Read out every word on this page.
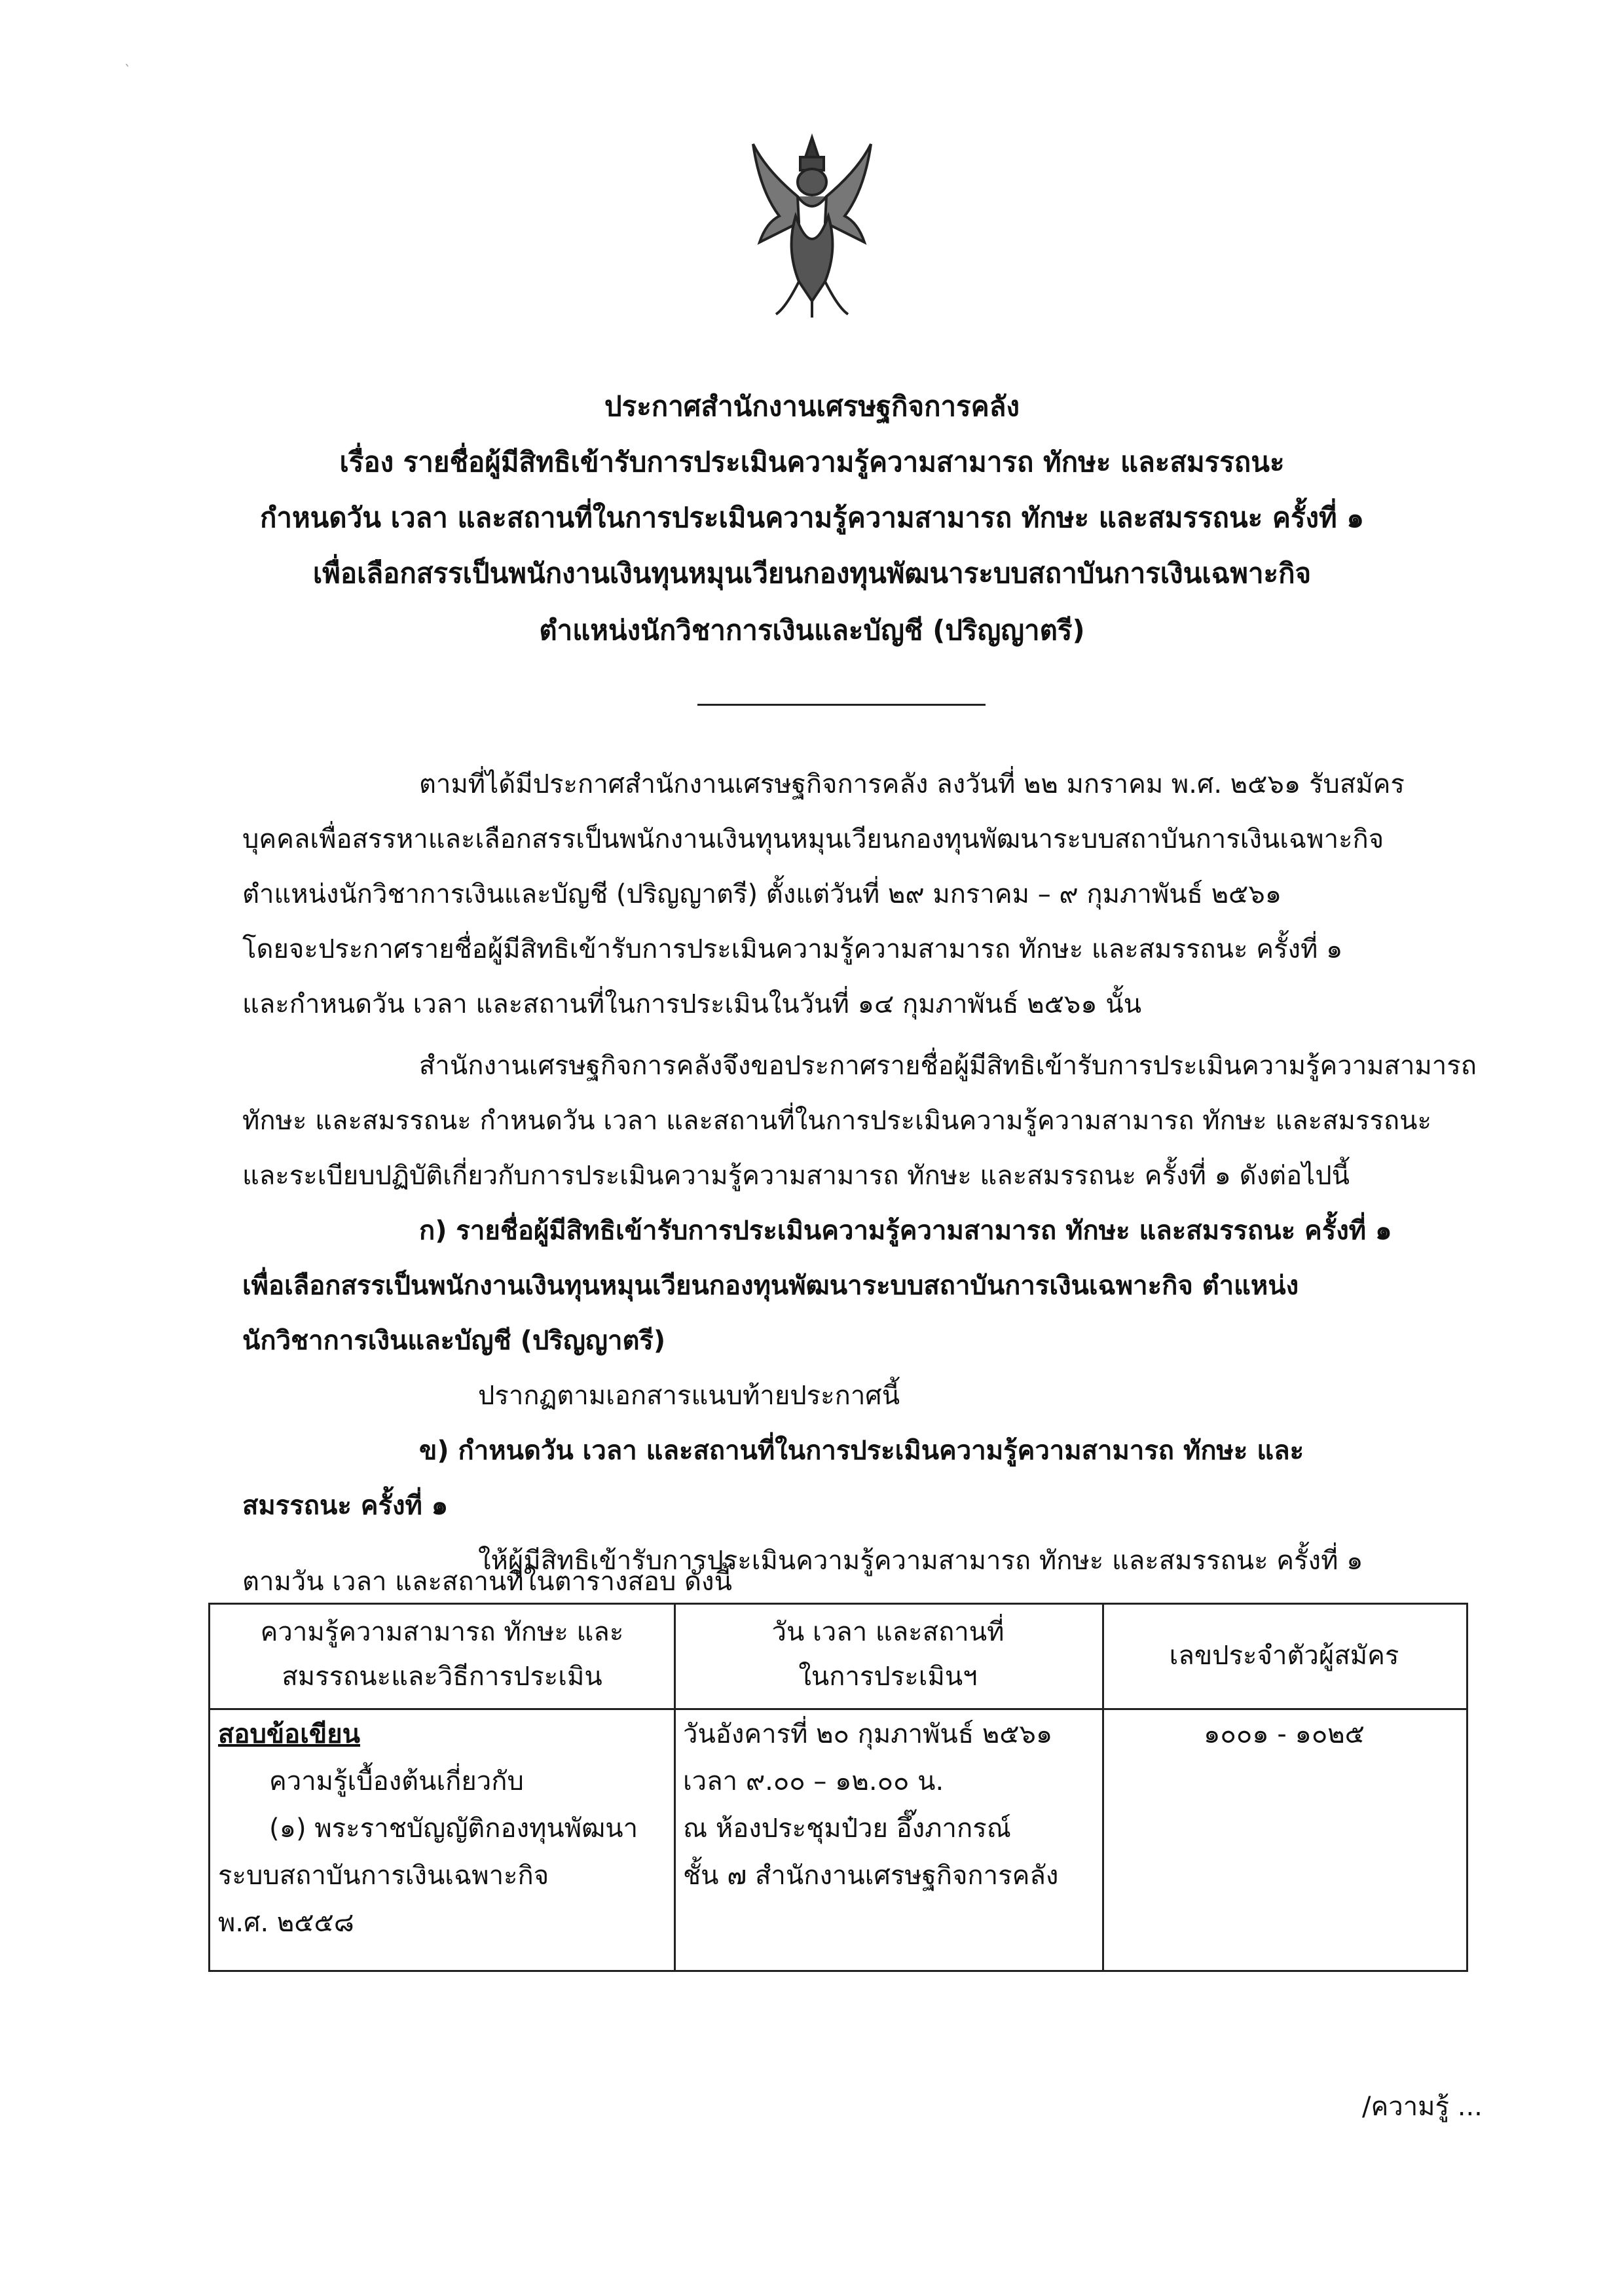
`
ประกาศสำนักงานเศรษฐกิจการคลัง
เรื่อง รายชื่อผู้มีสิทธิเข้ารับการประเมินความรู้ความสามารถ ทักษะ และสมรรถนะ
กำหนดวัน เวลา และสถานที่ในการประเมินความรู้ความสามารถ ทักษะ และสมรรถนะ ครั้งที่ ๑
เพื่อเลือกสรรเป็นพนักงานเงินทุนหมุนเวียนกองทุนพัฒนาระบบสถาบันการเงินเฉพาะกิจ
ตำแหน่งนักวิชาการเงินและบัญชี (ปริญญาตรี)
ตามที่ได้มีประกาศสำนักงานเศรษฐกิจการคลัง ลงวันที่ ๒๒ มกราคม พ.ศ. ๒๕๖๑ รับสมัคร
บุคคลเพื่อสรรหาและเลือกสรรเป็นพนักงานเงินทุนหมุนเวียนกองทุนพัฒนาระบบสถาบันการเงินเฉพาะกิจ
ตำแหน่งนักวิชาการเงินและบัญชี (ปริญญาตรี) ตั้งแต่วันที่ ๒๙ มกราคม – ๙ กุมภาพันธ์ ๒๕๖๑
โดยจะประกาศรายชื่อผู้มีสิทธิเข้ารับการประเมินความรู้ความสามารถ ทักษะ และสมรรถนะ ครั้งที่ ๑
และกำหนดวัน เวลา และสถานที่ในการประเมินในวันที่ ๑๔ กุมภาพันธ์ ๒๕๖๑ นั้น
สำนักงานเศรษฐกิจการคลังจึงขอประกาศรายชื่อผู้มีสิทธิเข้ารับการประเมินความรู้ความสามารถ
ทักษะ และสมรรถนะ กำหนดวัน เวลา และสถานที่ในการประเมินความรู้ความสามารถ ทักษะ และสมรรถนะ
และระเบียบปฏิบัติเกี่ยวกับการประเมินความรู้ความสามารถ ทักษะ และสมรรถนะ ครั้งที่ ๑ ดังต่อไปนี้
ก) รายชื่อผู้มีสิทธิเข้ารับการประเมินความรู้ความสามารถ ทักษะ และสมรรถนะ ครั้งที่ ๑
เพื่อเลือกสรรเป็นพนักงานเงินทุนหมุนเวียนกองทุนพัฒนาระบบสถาบันการเงินเฉพาะกิจ ตำแหน่ง
นักวิชาการเงินและบัญชี (ปริญญาตรี)
ปรากฏตามเอกสารแนบท้ายประกาศนี้
ข) กำหนดวัน เวลา และสถานที่ในการประเมินความรู้ความสามารถ ทักษะ และ
สมรรถนะ ครั้งที่ ๑
ให้ผู้มีสิทธิเข้ารับการประเมินความรู้ความสามารถ ทักษะ และสมรรถนะ ครั้งที่ ๑
ความรู้ความสามารถ ทักษะ และ
สมรรถนะและวิธีการประเมิน
วัน เวลา และสถานที่
ในการประเมินฯ
เลขประจำตัวผู้สมัคร
สอบข้อเขียน
ความรู้เบื้องต้นเกี่ยวกับ
(๑) พระราชบัญญัติกองทุนพัฒนา
ระบบสถาบันการเงินเฉพาะกิจ
พ.ศ. ๒๕๕๘
วันอังคารที่ ๒๐ กุมภาพันธ์ ๒๕๖๑
เวลา ๙.๐๐ – ๑๒.๐๐ น.
ณ ห้องประชุมป๋วย อึ๊งภากรณ์
ชั้น ๗ สำนักงานเศรษฐกิจการคลัง
๑๐๐๑ - ๑๐๒๕
ตามวัน เวลา และสถานที่ในตารางสอบ ดังนี้
/ความรู้ ...
